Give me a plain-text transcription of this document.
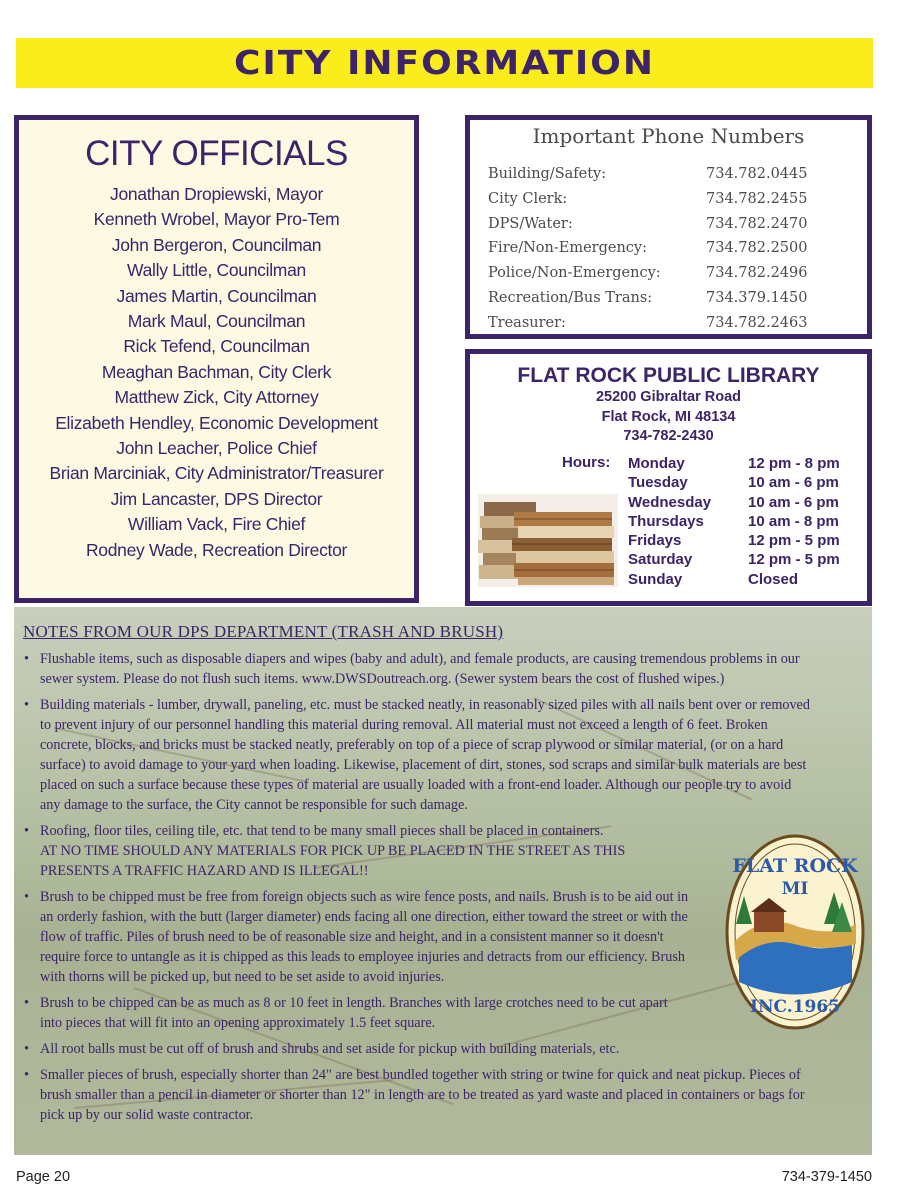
CITY INFORMATION
CITY OFFICIALS
Jonathan Dropiewski, Mayor
Kenneth Wrobel, Mayor Pro-Tem
John Bergeron, Councilman
Wally Little, Councilman
James Martin, Councilman
Mark Maul, Councilman
Rick Tefend, Councilman
Meaghan Bachman, City Clerk
Matthew Zick, City Attorney
Elizabeth Hendley, Economic Development
John Leacher, Police Chief
Brian Marciniak, City Administrator/Treasurer
Jim Lancaster, DPS Director
William Vack, Fire Chief
Rodney Wade, Recreation Director
Important Phone Numbers
Building/Safety:	734.782.0445
City Clerk:	734.782.2455
DPS/Water:	734.782.2470
Fire/Non-Emergency:	734.782.2500
Police/Non-Emergency:	734.782.2496
Recreation/Bus Trans:	734.379.1450
Treasurer:	734.782.2463
FLAT ROCK PUBLIC LIBRARY
25200 Gibraltar Road
Flat Rock, MI 48134
734-782-2430
Hours: Monday	12 pm - 8 pm
Tuesday	10 am - 6 pm
Wednesday	10 am - 6 pm
Thursdays	10 am - 8 pm
Fridays	12 pm - 5 pm
Saturday	12 pm - 5 pm
Sunday	Closed
NOTES FROM OUR DPS DEPARTMENT (TRASH AND BRUSH)
• Flushable items, such as disposable diapers and wipes (baby and adult), and female products, are causing tremendous problems in our sewer system. Please do not flush such items. www.DWSDoutreach.org. (Sewer system bears the cost of flushed wipes.)
• Building materials - lumber, drywall, paneling, etc. must be stacked neatly, in reasonably sized piles with all nails bent over or removed to prevent injury of our personnel handling this material during removal. All material must not exceed a length of 6 feet. Broken concrete, blocks, and bricks must be stacked neatly, preferably on top of a piece of scrap plywood or similar material, (or on a hard surface) to avoid damage to your yard when loading. Likewise, placement of dirt, stones, sod scraps and similar bulk materials are best placed on such a surface because these types of material are usually loaded with a front-end loader. Although our people try to avoid any damage to the surface, the City cannot be responsible for such damage.
• Roofing, floor tiles, ceiling tile, etc. that tend to be many small pieces shall be placed in containers.
AT NO TIME SHOULD ANY MATERIALS FOR PICK UP BE PLACED IN THE STREET AS THIS PRESENTS A TRAFFIC HAZARD AND IS ILLEGAL!!
• Brush to be chipped must be free from foreign objects such as wire fence posts, and nails. Brush is to be aid out in an orderly fashion, with the butt (larger diameter) ends facing all one direction, either toward the street or with the flow of traffic. Piles of brush need to be of reasonable size and height, and in a consistent manner so it doesn't require force to untangle as it is chipped as this leads to employee injuries and detracts from our efficiency. Brush with thorns will be picked up, but need to be set aside to avoid injuries.
• Brush to be chipped can be as much as 8 or 10 feet in length. Branches with large crotches need to be cut apart into pieces that will fit into an opening approximately 1.5 feet square.
• All root balls must be cut off of brush and shrubs and set aside for pickup with building materials, etc.
• Smaller pieces of brush, especially shorter than 24" are best bundled together with string or twine for quick and neat pickup. Pieces of brush smaller than a pencil in diameter or shorter than 12" in length are to be treated as yard waste and placed in containers or bags for pick up by our solid waste contractor.
FLAT ROCK
MI
INC.1965
Page 20	734-379-1450
